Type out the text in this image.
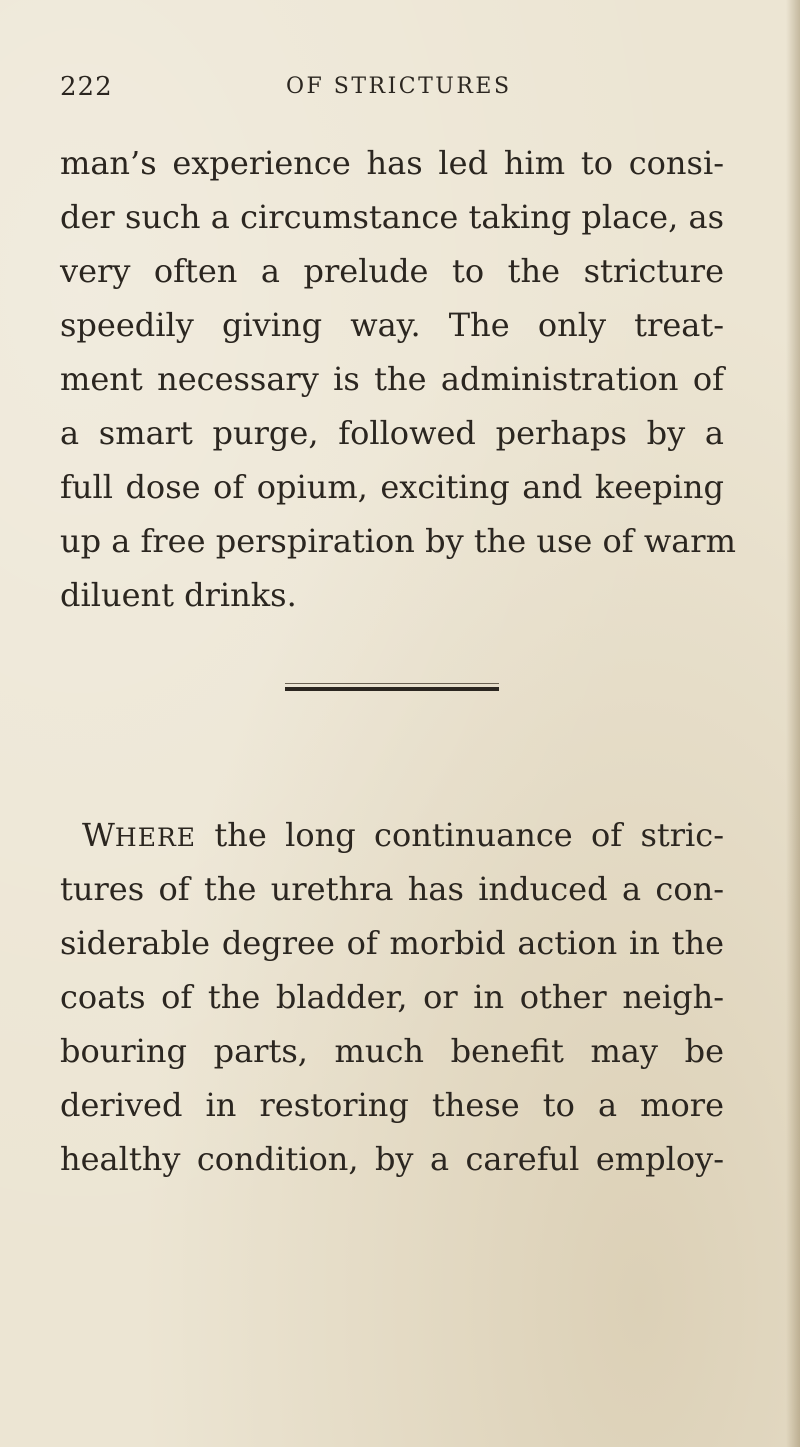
222	OF STRICTURES
man’s experience has led him to consi-
der such a circumstance taking place, as
very often a prelude to the stricture
speedily giving way. The only treat-
ment necessary is the administration of
a smart purge, followed perhaps by a
full dose of opium, exciting and keeping
up a free perspiration by the use of warm
diluent drinks.
WHERE the long continuance of stric-
tures of the urethra has induced a con-
siderable degree of morbid action in the
coats of the bladder, or in other neigh-
bouring parts, much benefit may be
derived in restoring these to a more
healthy condition, by a careful employ-
